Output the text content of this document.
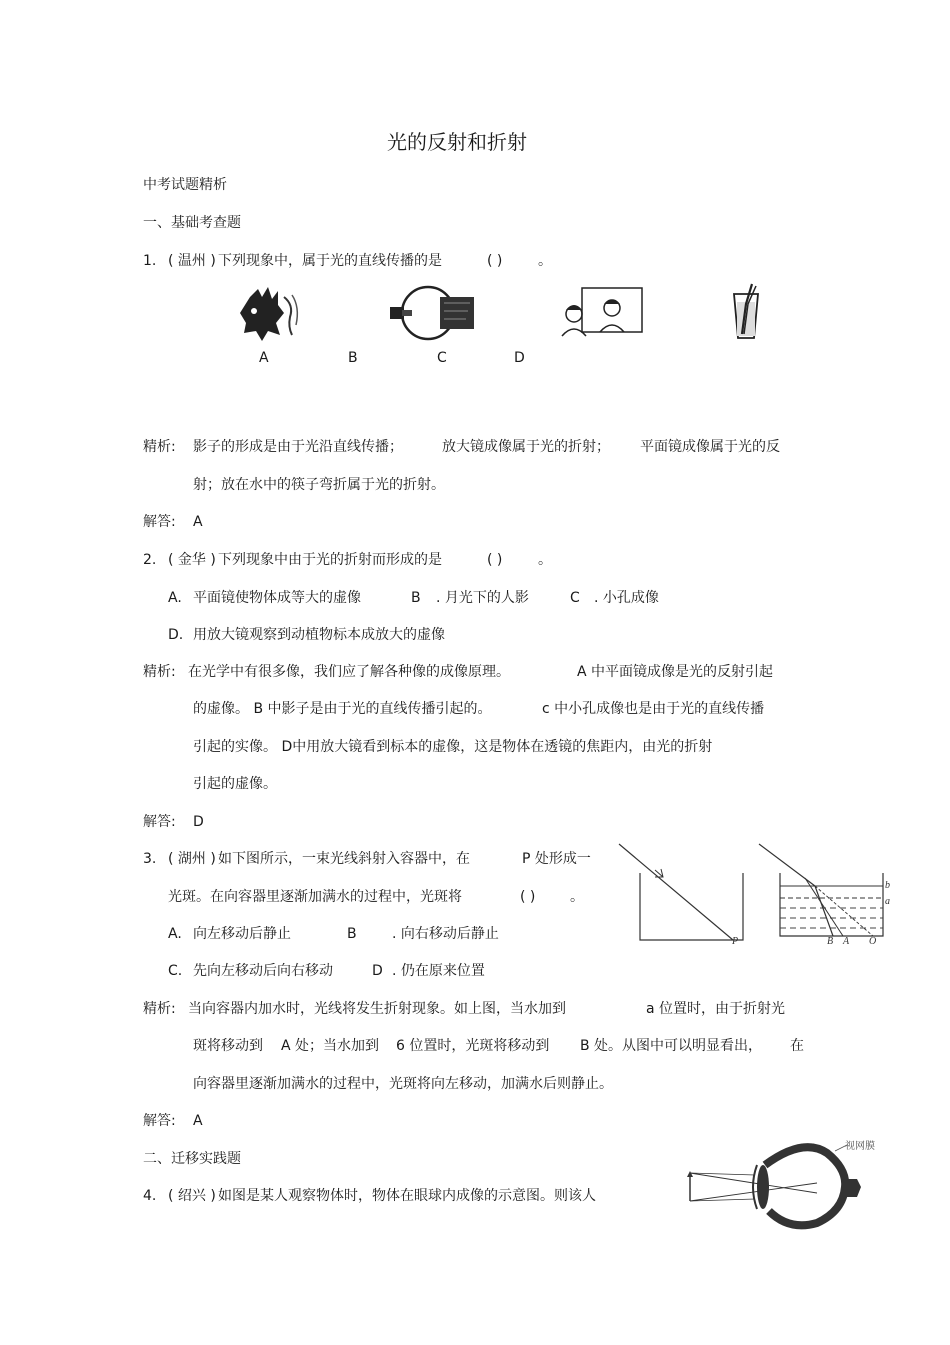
光的反射和折射
中考试题精析
一、基础考查题
1. ( 温州 ) 下列现象中，属于光的直线传播的是	( )	。
A	B	C	D
精析: 影子的形成是由于光沿直线传播；	放大镜成像属于光的折射； 平面镜成像属于光的反
射；放在水中的筷子弯折属于光的折射。
解答: A
2. ( 金华 ) 下列现象中由于光的折射而形成的是	( )	。
A. 平面镜使物体成等大的虚像	B . 月光下的人影	C . 小孔成像
D. 用放大镜观察到动植物标本成放大的虚像
精析: 在光学中有很多像，我们应了解各种像的成像原理。	A 中平面镜成像是光的反射引起
的虚像。 B 中影子是由于光的直线传播引起的。	c 中小孔成像也是由于光的直线传播
引起的实像。 D中用放大镜看到标本的虚像，这是物体在透镜的焦距内，由光的折射
引起的虚像。
解答: D
3. ( 湖州 ) 如下图所示，一束光线斜射入容器中，在	P 处形成一
光斑。在向容器里逐渐加满水的过程中，光斑将	( ) 。
P
b
a
B A O
A. 向左移动后静止	B	. 向右移动后静止
C. 先向左移动后向右移动	D . 仍在原来位置
精析: 当向容器内加水时，光线将发生折射现象。如上图，当水加到	a 位置时，由于折射光
斑将移动到 A 处；当水加到 6 位置时，光斑将移动到 B 处。从图中可以明显看出， 在
向容器里逐渐加满水的过程中，光斑将向左移动，加满水后则静止。
解答: A
二、迁移实践题
4. ( 绍兴 ) 如图是某人观察物体时，物体在眼球内成像的示意图。则该人
视网膜
